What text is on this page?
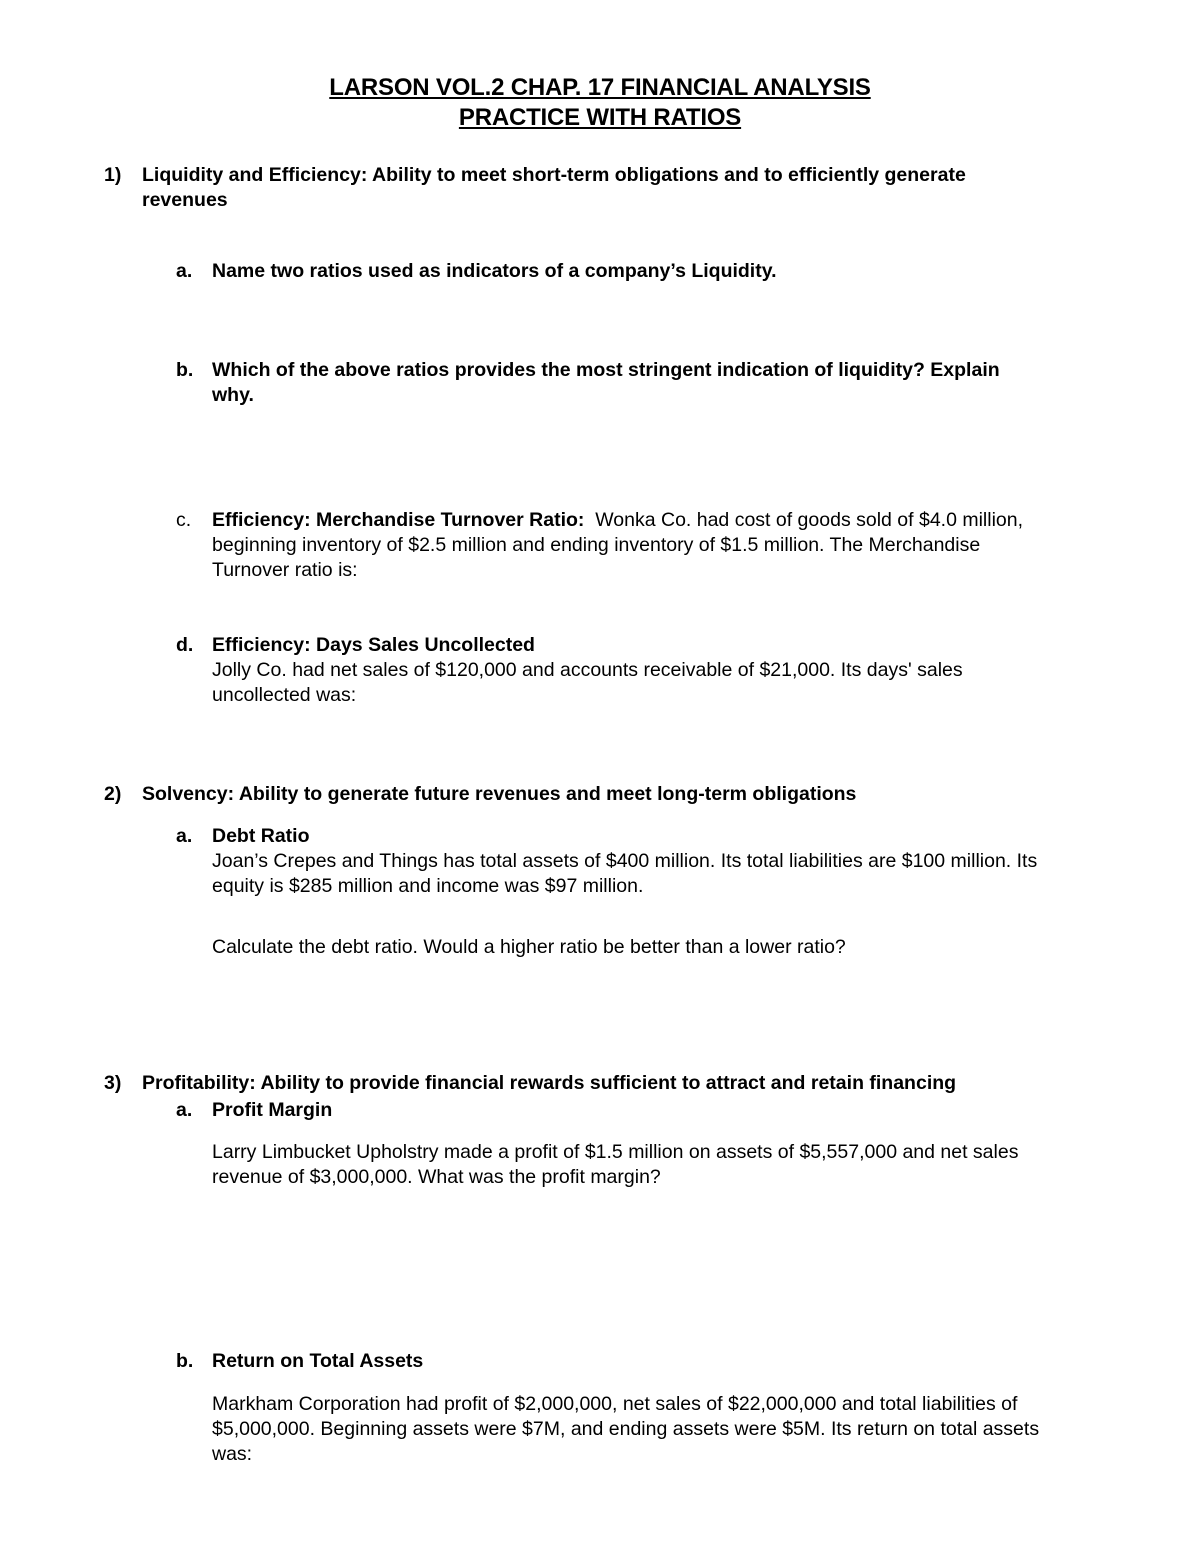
LARSON VOL.2 CHAP. 17 FINANCIAL ANALYSIS
PRACTICE WITH RATIOS
1) Liquidity and Efficiency: Ability to meet short-term obligations and to efficiently generate
revenues
a. Name two ratios used as indicators of a company’s Liquidity.
b. Which of the above ratios provides the most stringent indication of liquidity? Explain
why.
c. Efficiency: Merchandise Turnover Ratio:  Wonka Co. had cost of goods sold of $4.0 million,
beginning inventory of $2.5 million and ending inventory of $1.5 million. The Merchandise
Turnover ratio is:
d. Efficiency: Days Sales Uncollected
Jolly Co. had net sales of $120,000 and accounts receivable of $21,000. Its days' sales
uncollected was:
2) Solvency: Ability to generate future revenues and meet long-term obligations
a. Debt Ratio
Joan’s Crepes and Things has total assets of $400 million. Its total liabilities are $100 million. Its
equity is $285 million and income was $97 million.
Calculate the debt ratio. Would a higher ratio be better than a lower ratio?
3) Profitability: Ability to provide financial rewards sufficient to attract and retain financing
a. Profit Margin
Larry Limbucket Upholstry made a profit of $1.5 million on assets of $5,557,000 and net sales
revenue of $3,000,000. What was the profit margin?
b. Return on Total Assets
Markham Corporation had profit of $2,000,000, net sales of $22,000,000 and total liabilities of
$5,000,000. Beginning assets were $7M, and ending assets were $5M. Its return on total assets
was:
